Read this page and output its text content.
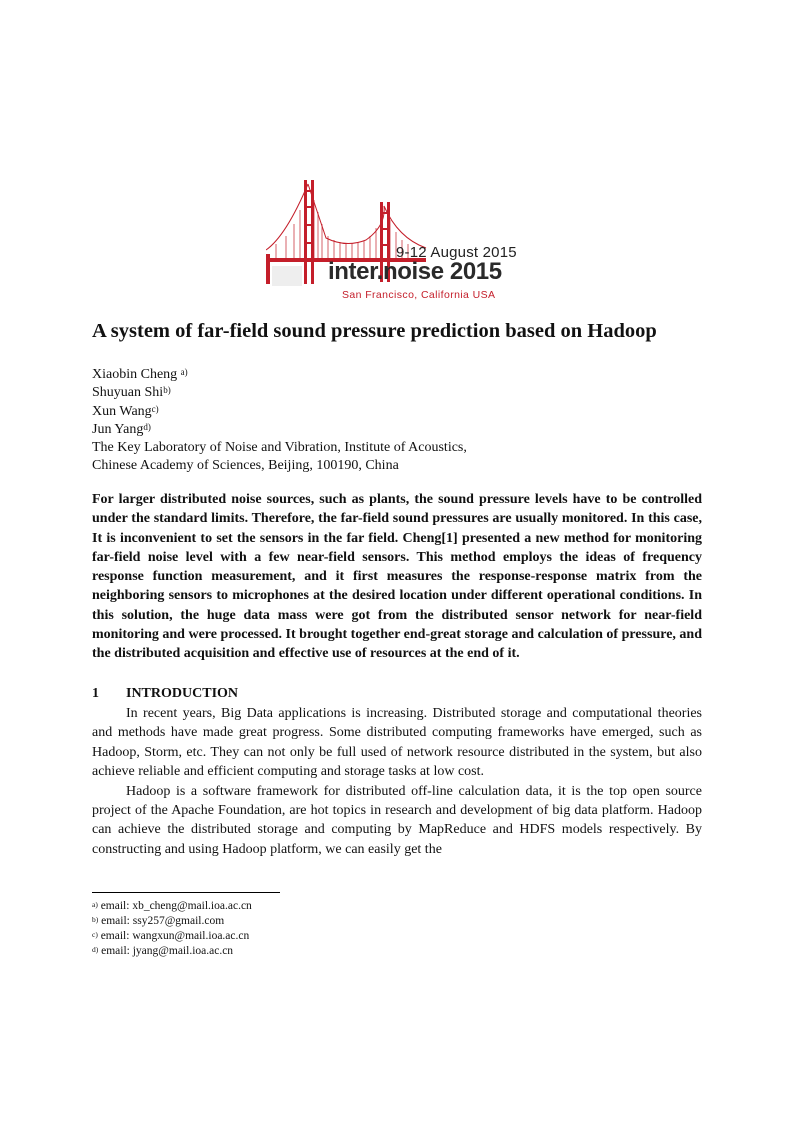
9-12 August 2015
inter.noise 2015
San Francisco, California USA
A system of far-field sound pressure prediction based on Hadoop
Xiaobin Cheng $^{a)}$
Shuyuan Shi$^{b)}$
Xun Wang$^{c)}$
Jun Yang$^{d)}$
The Key Laboratory of Noise and Vibration, Institute of Acoustics,
Chinese Academy of Sciences, Beijing, 100190, China

For larger distributed noise sources, such as plants, the sound pressure levels have to be controlled under the standard limits. Therefore, the far-field sound pressures are usually monitored. In this case, It is inconvenient to set the sensors in the far field. Cheng[1] presented a new method for monitoring far-field noise level with a few near-field sensors. This method employs the ideas of frequency response function measurement, and it first measures the response-response matrix from the neighboring sensors to microphones at the desired location under different operational conditions. In this solution, the huge data mass were got from the distributed sensor network for near-field monitoring and were processed. It brought together end-great storage and calculation of pressure, and the distributed acquisition and effective use of resources at the end of it.

1 INTRODUCTION

In recent years, Big Data applications is increasing. Distributed storage and computational theories and methods have made great progress. Some distributed computing frameworks have emerged, such as Hadoop, Storm, etc. They can not only be full used of network resource distributed in the system, but also achieve reliable and efficient computing and storage tasks at low cost.

Hadoop is a software framework for distributed off-line calculation data, it is the top open source project of the Apache Foundation, are hot topics in research and development of big data platform. Hadoop can achieve the distributed storage and computing by MapReduce and HDFS models respectively. By constructing and using Hadoop platform, we can easily get the

$^{a)}$ email: xb_cheng@mail.ioa.ac.cn
$^{b)}$ email: ssy257@gmail.com
$^{c)}$ email: wangxun@mail.ioa.ac.cn
$^{d)}$ email: jyang@mail.ioa.ac.cn
